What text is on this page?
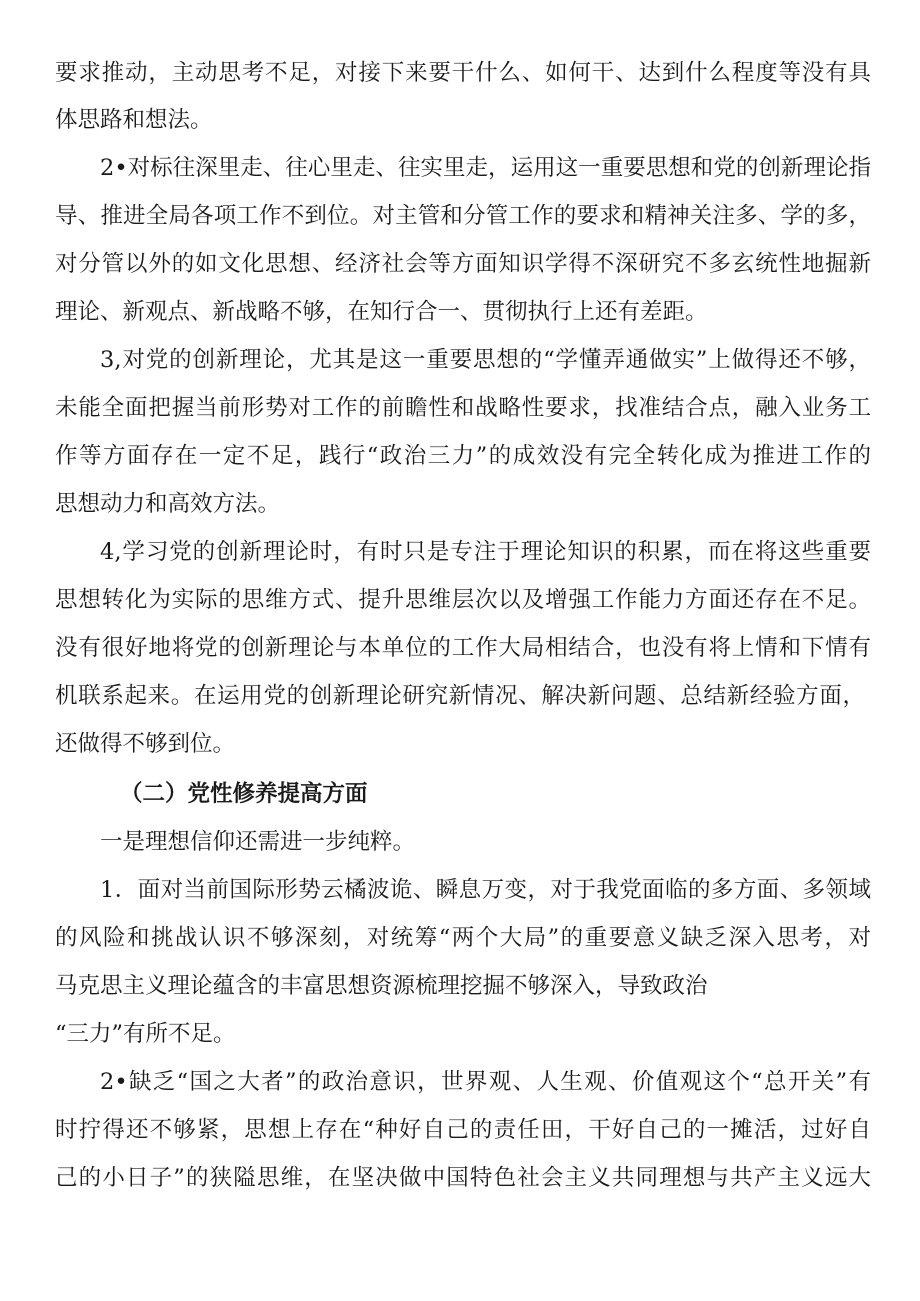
要求推动，主动思考不足，对接下来要干什么、如何干、达到什么程度等没有具
体思路和想法。
2•对标往深里走、往心里走、往实里走，运用这一重要思想和党的创新理论指
导、推进全局各项工作不到位。对主管和分管工作的要求和精神关注多、学的多，
对分管以外的如文化思想、经济社会等方面知识学得不深研究不多玄统性地掘新
理论、新观点、新战略不够，在知行合一、贯彻执行上还有差距。
3,对党的创新理论，尤其是这一重要思想的“学懂弄通做实”上做得还不够，
未能全面把握当前形势对工作的前瞻性和战略性要求，找准结合点，融入业务工
作等方面存在一定不足，践行“政治三力”的成效没有完全转化成为推进工作的
思想动力和高效方法。
4,学习党的创新理论时，有时只是专注于理论知识的积累，而在将这些重要
思想转化为实际的思维方式、提升思维层次以及增强工作能力方面还存在不足。
没有很好地将党的创新理论与本单位的工作大局相结合，也没有将上情和下情有
机联系起来。在运用党的创新理论研究新情况、解决新问题、总结新经验方面，
还做得不够到位。
（二）党性修养提高方面
一是理想信仰还需进一步纯粹。
1．面对当前国际形势云橘波诡、瞬息万变，对于我党面临的多方面、多领域
的风险和挑战认识不够深刻，对统筹“两个大局”的重要意义缺乏深入思考，对
马克思主义理论蕴含的丰富思想资源梳理挖掘不够深入，导致政治
“三力”有所不足。
2•缺乏“国之大者”的政治意识，世界观、人生观、价值观这个“总开关”有
时拧得还不够紧，思想上存在“种好自己的责任田，干好自己的一摊活，过好自
己的小日子”的狭隘思维，在坚决做中国特色社会主义共同理想与共产主义远大
